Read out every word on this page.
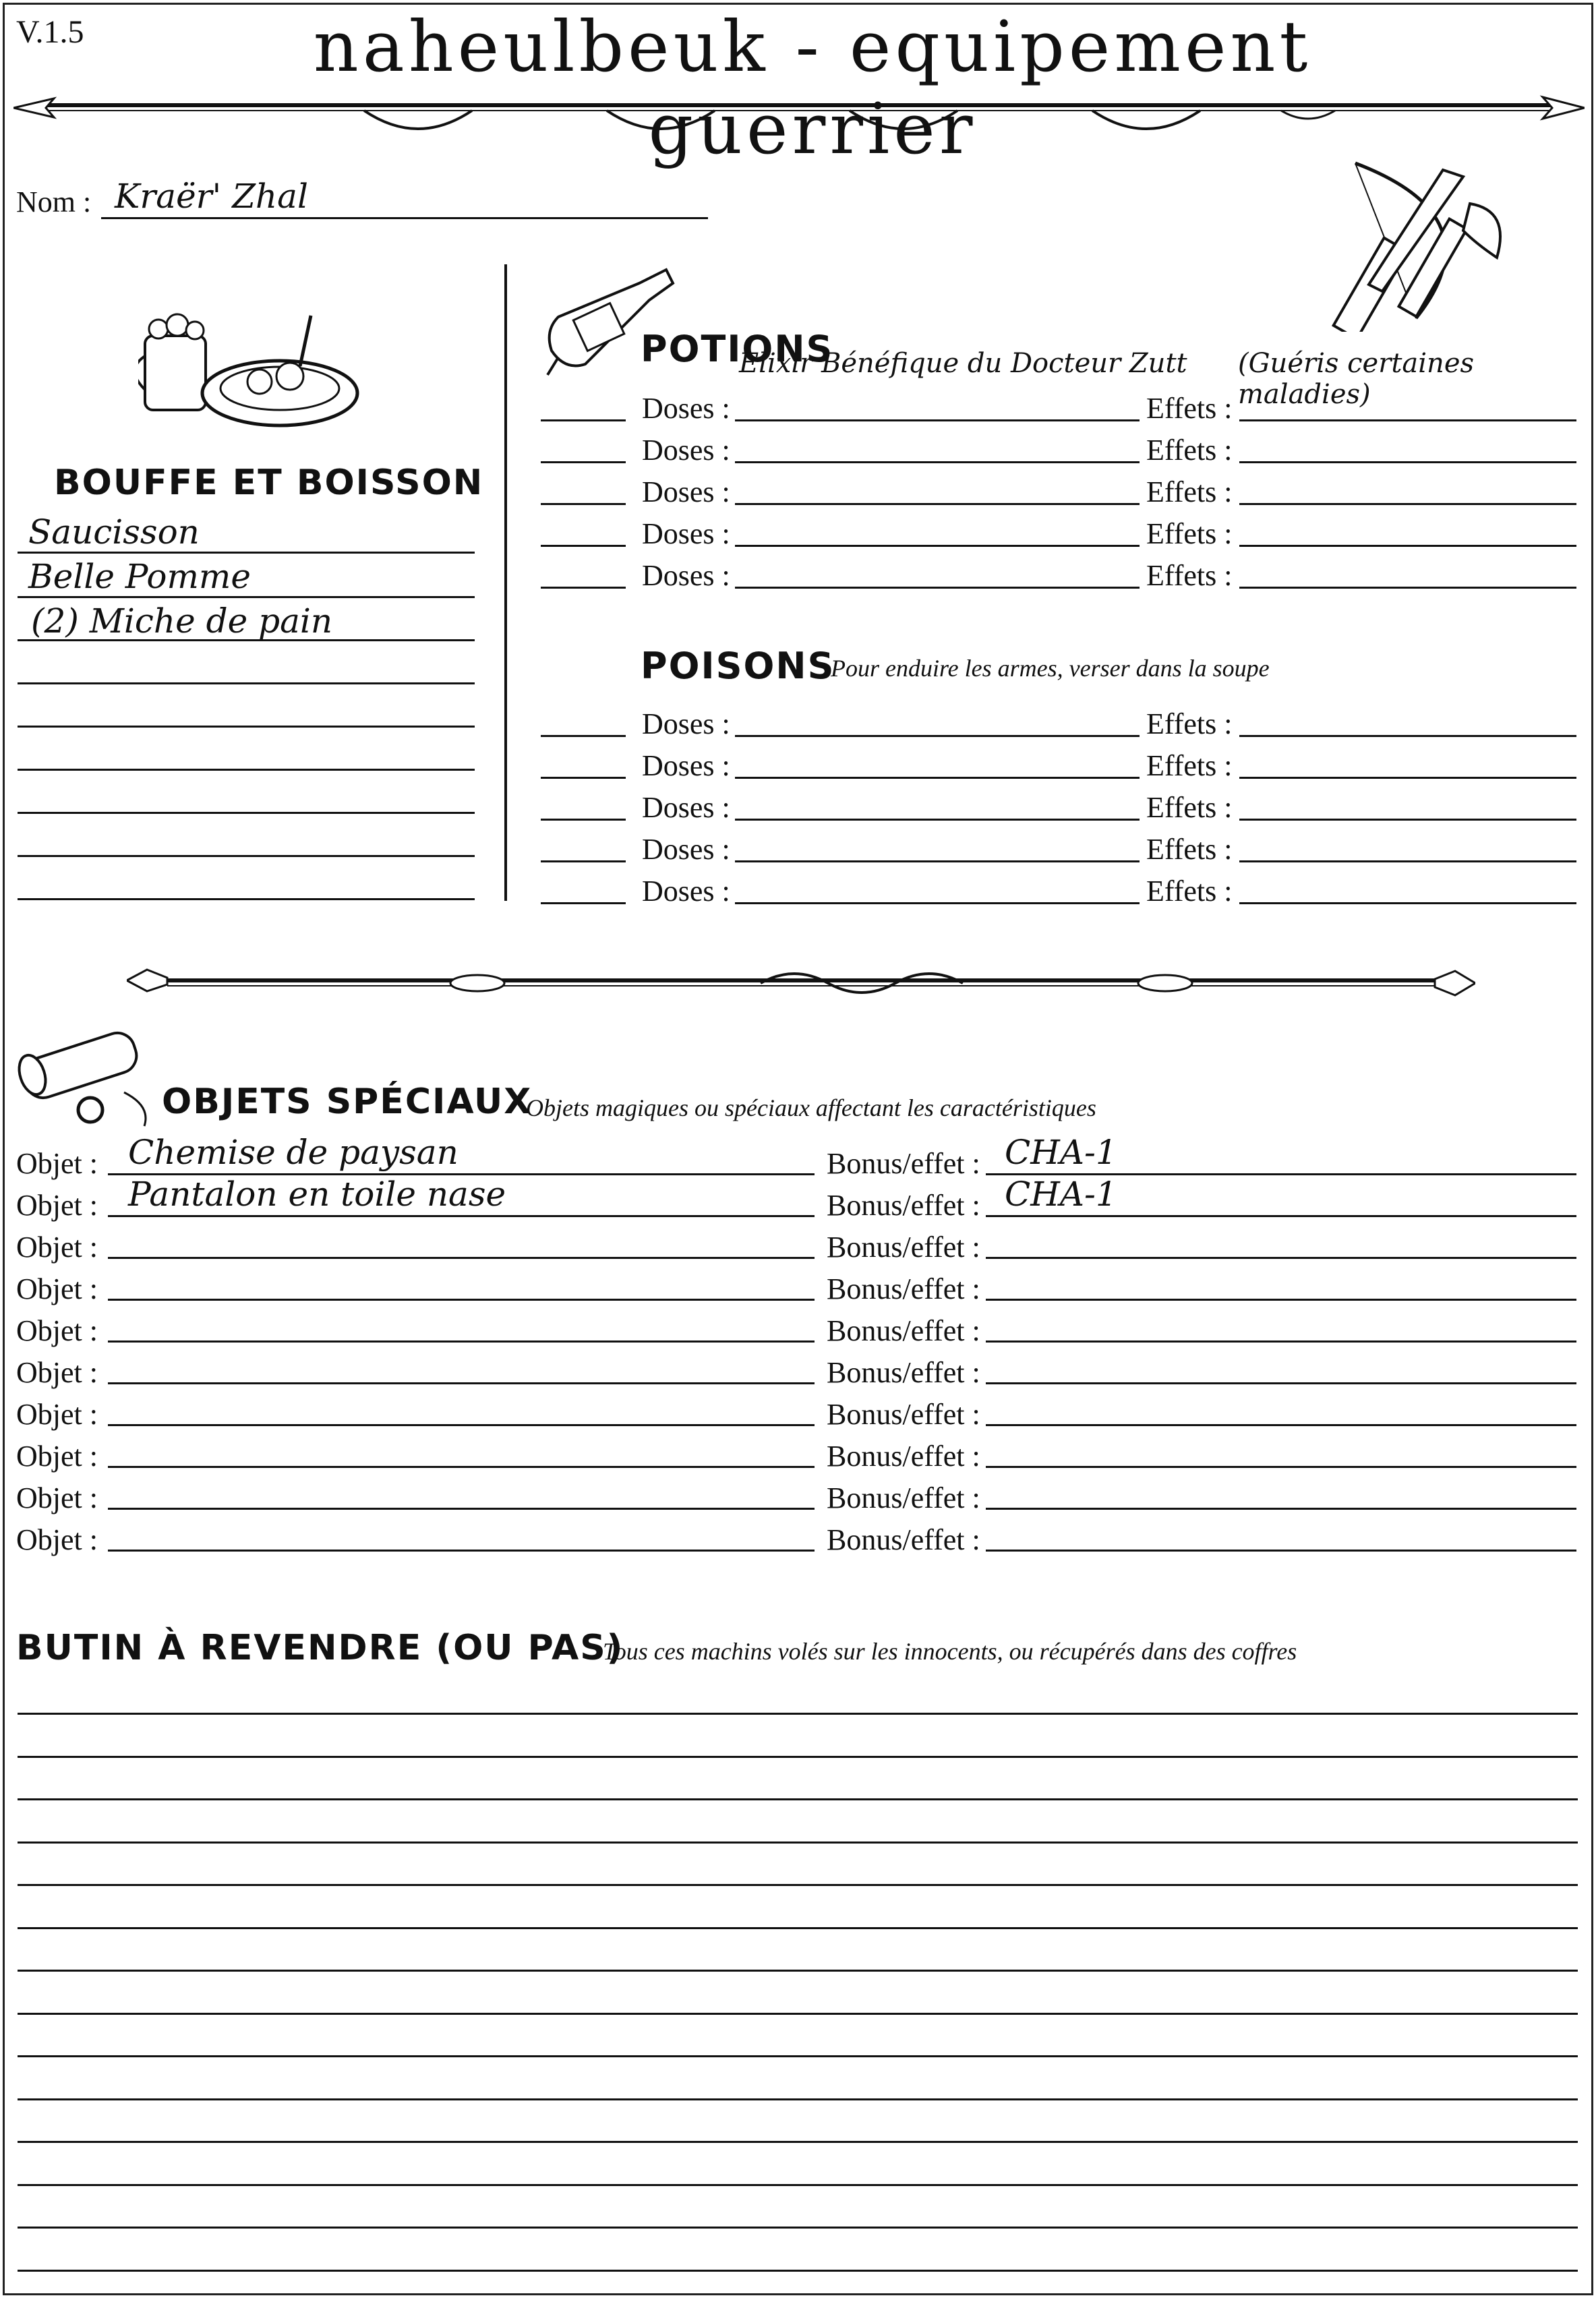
V.1.5	naheulbeuk - equipement guerrier
Nom : Kraër' Zhal
BOUFFE ET BOISSON
Saucisson
Belle Pomme
(2) Miche de pain
POTIONS
Elixir Bénéfique du Docteur Zutt (Guéris certaines maladies)
Doses :	Effets :
Doses :	Effets :
Doses :	Effets :
Doses :	Effets :
Doses :	Effets :
POISONS
Pour enduire les armes, verser dans la soupe
Doses :	Effets :
Doses :	Effets :
Doses :	Effets :
Doses :	Effets :
Doses :	Effets :
OBJETS SPÉCIAUX
Objets magiques ou spéciaux affectant les caractéristiques
Objet : Chemise de paysan	Bonus/effet : CHA-1
Objet : Pantalon en toile nase	Bonus/effet : CHA-1
Objet :	Bonus/effet :
Objet :	Bonus/effet :
Objet :	Bonus/effet :
Objet :	Bonus/effet :
Objet :	Bonus/effet :
Objet :	Bonus/effet :
Objet :	Bonus/effet :
Objet :	Bonus/effet :
BUTIN À REVENDRE (OU PAS)
Tous ces machins volés sur les innocents, ou récupérés dans des coffres
